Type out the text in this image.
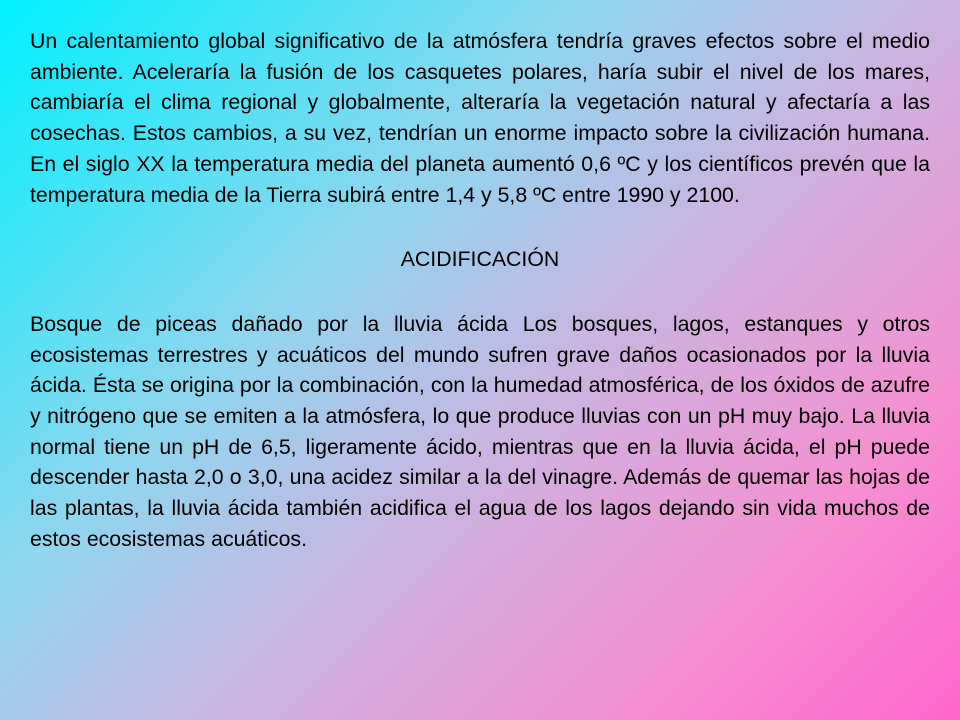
Un calentamiento global significativo de la atmósfera tendría graves efectos sobre el medio ambiente. Aceleraría la fusión de los casquetes polares, haría subir el nivel de los mares, cambiaría el clima regional y globalmente, alteraría la vegetación natural y afectaría a las cosechas. Estos cambios, a su vez, tendrían un enorme impacto sobre la civilización humana. En el siglo XX la temperatura media del planeta aumentó 0,6 ºC y los científicos prevén que la temperatura media de la Tierra subirá entre 1,4 y 5,8 ºC entre 1990 y 2100.

ACIDIFICACIÓN

Bosque de piceas dañado por la lluvia ácida Los bosques, lagos, estanques y otros ecosistemas terrestres y acuáticos del mundo sufren grave daños ocasionados por la lluvia ácida. Ésta se origina por la combinación, con la humedad atmosférica, de los óxidos de azufre y nitrógeno que se emiten a la atmósfera, lo que produce lluvias con un pH muy bajo. La lluvia normal tiene un pH de 6,5, ligeramente ácido, mientras que en la lluvia ácida, el pH puede descender hasta 2,0 o 3,0, una acidez similar a la del vinagre. Además de quemar las hojas de las plantas, la lluvia ácida también acidifica el agua de los lagos dejando sin vida muchos de estos ecosistemas acuáticos.
